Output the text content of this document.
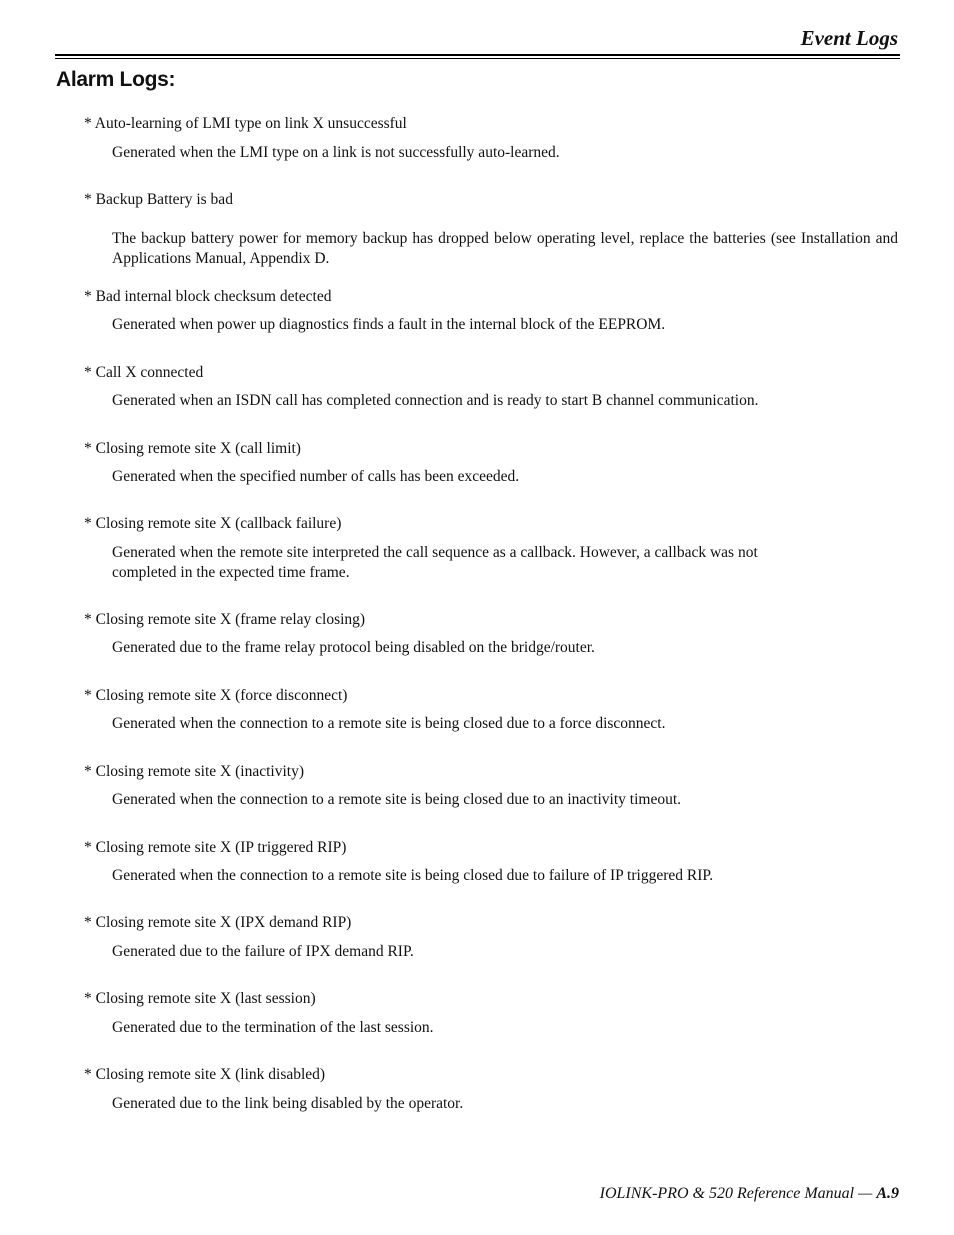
Event Logs
Alarm Logs:
* Auto-learning of LMI type on link X unsuccessful
Generated when the LMI type on a link is not successfully auto-learned.
* Backup Battery is bad
The backup battery power for memory backup has dropped below operating level, replace the batteries (see Installation and Applications Manual, Appendix D.
* Bad internal block checksum detected
Generated when power up diagnostics finds a fault in the internal block of the EEPROM.
* Call X connected
Generated when an ISDN call has completed connection and is ready to start B channel communication.
* Closing remote site X (call limit)
Generated when the specified number of calls has been exceeded.
* Closing remote site X (callback failure)
Generated when the remote site interpreted the call sequence as a callback. However, a callback was not completed in the expected time frame.
* Closing remote site X (frame relay closing)
Generated due to the frame relay protocol being disabled on the bridge/router.
* Closing remote site X (force disconnect)
Generated when the connection to a remote site is being closed due to a force disconnect.
* Closing remote site X (inactivity)
Generated when the connection to a remote site is being closed due to an inactivity timeout.
* Closing remote site X (IP triggered RIP)
Generated when the connection to a remote site is being closed due to failure of IP triggered RIP.
* Closing remote site X (IPX demand RIP)
Generated due to the failure of IPX demand RIP.
* Closing remote site X (last session)
Generated due to the termination of the last session.
* Closing remote site X (link disabled)
Generated due to the link being disabled by the operator.
IOLINK-PRO & 520 Reference Manual — A.9
